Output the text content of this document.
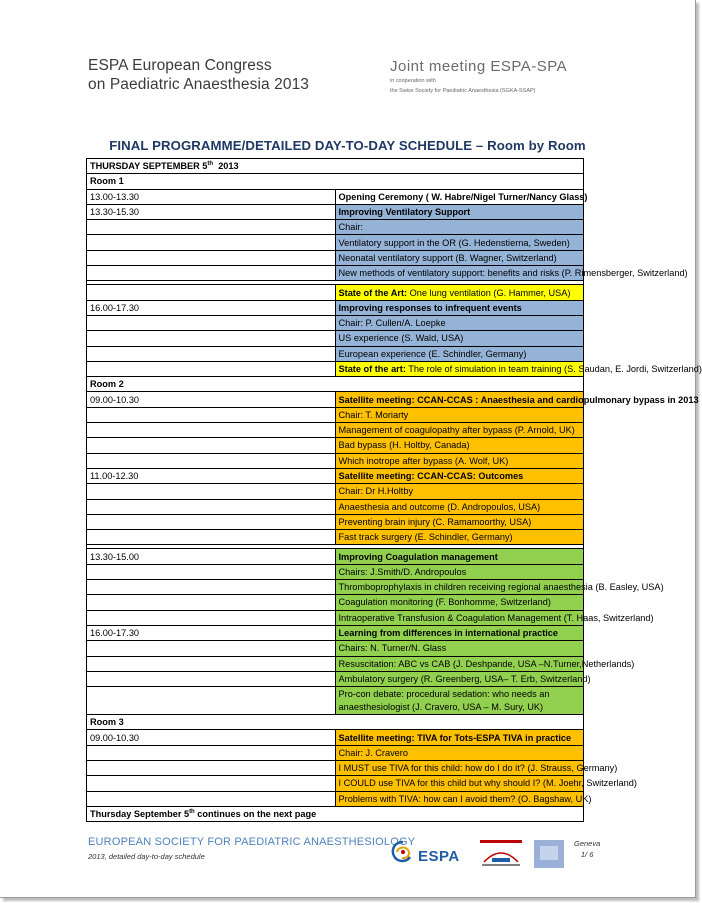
ESPA European Congress
on Paediatric Anaesthesia 2013
Joint meeting ESPA-SPA
in cooperation with
the Swiss Society for Paediatric Anaesthesia (SGKA-SSAP)
FINAL PROGRAMME/DETAILED DAY-TO-DAY SCHEDULE – Room by Room
THURSDAY SEPTEMBER 5th  2013	
Room 1	
13.00-13.30	Opening Ceremony ( W. Habre/Nigel Turner/Nancy Glass)
13.30-15.30	Improving Ventilatory Support
	Chair:
	Ventilatory support in the OR (G. Hedenstierna, Sweden)
	Neonatal ventilatory support (B. Wagner, Switzerland)
	New methods of ventilatory support: benefits and risks (P. Rimensberger, Switzerland)

	State of the Art: One lung ventilation (G. Hammer, USA)
16.00-17.30	Improving responses to infrequent events
	Chair: P. Cullen/A. Loepke
	US experience (S. Wald, USA)
	European experience (E. Schindler, Germany)
	State of the art: The role of simulation in team training (S. Saudan, E. Jordi, Switzerland)
Room 2	
09.00-10.30	Satellite meeting: CCAN-CCAS : Anaesthesia and cardiopulmonary bypass in 2013
	Chair: T. Moriarty
	Management of coagulopathy after bypass (P. Arnold, UK)
	Bad bypass (H. Holtby, Canada)
	Which inotrope after bypass (A. Wolf, UK)
11.00-12.30	Satellite meeting: CCAN-CCAS: Outcomes
	Chair: Dr H.Holtby
	Anaesthesia and outcome (D. Andropoulos, USA)
	Preventing brain injury (C. Ramamoorthy, USA)
	Fast track surgery (E. Schindler, Germany)

13.30-15.00	Improving Coagulation management
	Chairs: J.Smith/D. Andropoulos
	Thromboprophylaxis in children receiving regional anaesthesia (B. Easley, USA)
	Coagulation monitoring (F. Bonhomme, Switzerland)
	Intraoperative Transfusion & Coagulation Management (T. Haas, Switzerland)
16.00-17.30	Learning from differences in international practice
	Chairs: N. Turner/N. Glass
	Resuscitation: ABC vs CAB (J. Deshpande, USA –N.Turner,Netherlands)
	Ambulatory surgery (R. Greenberg, USA– T. Erb, Switzerland)
	Pro-con debate: procedural sedation: who needs an anaesthesiologist (J. Cravero, USA – M. Sury, UK)
Room 3	
09.00-10.30	Satellite meeting: TIVA for Tots-ESPA TIVA in practice
	Chair: J. Cravero
	I MUST use TIVA for this child: how do I do it? (J. Strauss, Germany)
	I COULD use TIVA for this child but why should I? (M. Joehr, Switzerland)
	Problems with TIVA: how can I avoid them? (O. Bagshaw, UK)
Thursday September 5th continues on the next page	
EUROPEAN SOCIETY FOR PAEDIATRIC ANAESTHESIOLOGY
2013, detailed day-to-day schedule	ESPA
Geneva
1/ 6
